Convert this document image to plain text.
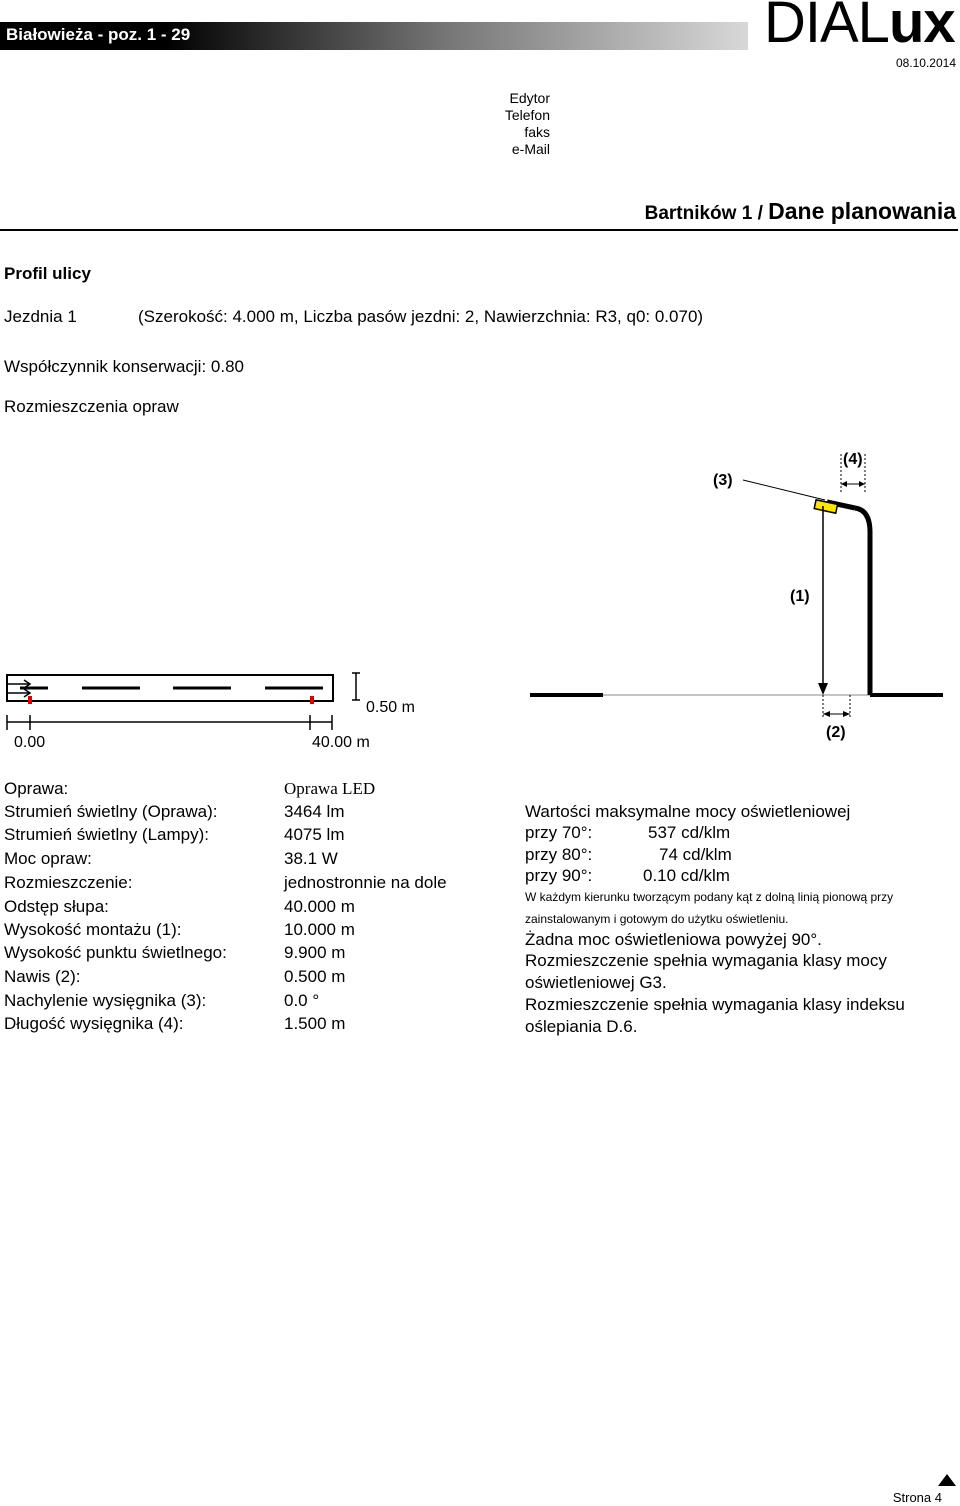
Białowieża - poz. 1 - 29	DIALux
08.10.2014
Edytor
Telefon
faks
e-Mail
Bartników 1 / Dane planowania
Profil ulicy
Jezdnia 1	(Szerokość: 4.000 m, Liczba pasów jezdni: 2, Nawierzchnia: R3, q0: 0.070)
Współczynnik konserwacji: 0.80
Rozmieszczenia opraw
0.50 m
0.00	40.00 m
(3)
(4)
(1)
(2)
Oprawa:	Oprawa LED
Strumień świetlny (Oprawa):	3464 lm
Strumień świetlny (Lampy):	4075 lm
Moc opraw:	38.1 W
Rozmieszczenie:	jednostronnie na dole
Odstęp słupa:	40.000 m
Wysokość montażu (1):	10.000 m
Wysokość punktu świetlnego:	9.900 m
Nawis (2):	0.500 m
Nachylenie wysięgnika (3):	0.0 °
Długość wysięgnika (4):	1.500 m
Wartości maksymalne mocy oświetleniowej
przy 70°:	537 cd/klm
przy 80°:	74 cd/klm
przy 90°:	0.10 cd/klm
W każdym kierunku tworzącym podany kąt z dolną linią pionową przy zainstalowanym i gotowym do użytku oświetleniu.
Żadna moc oświetleniowa powyżej 90°.
Rozmieszczenie spełnia wymagania klasy mocy oświetleniowej G3.
Rozmieszczenie spełnia wymagania klasy indeksu oślepiania D.6.
Strona 4
